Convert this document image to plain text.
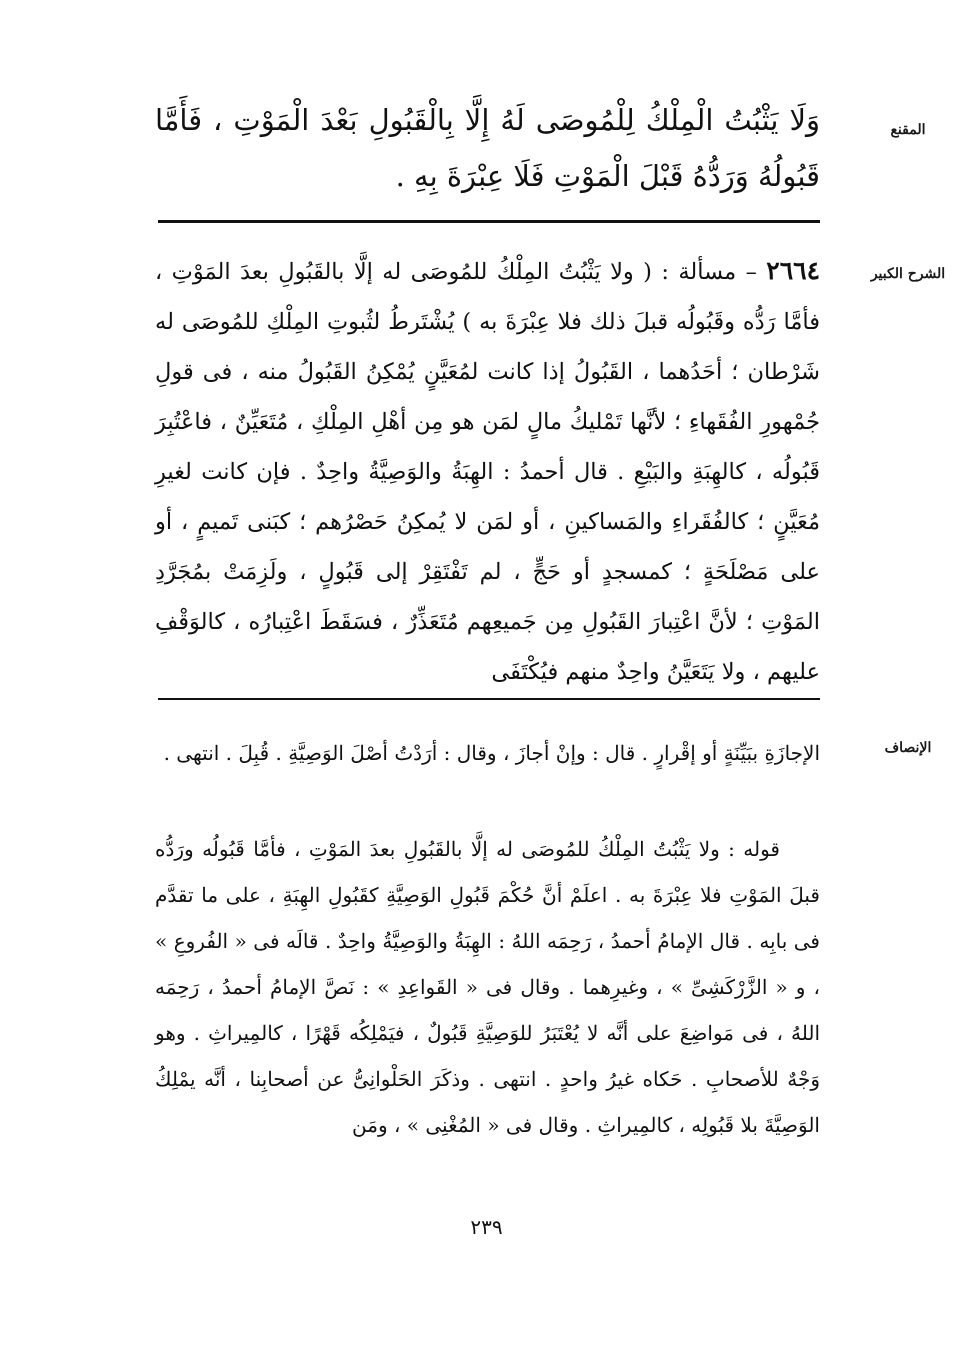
المقنع

وَلَا يَثْبُتُ الْمِلْكُ لِلْمُوصَى لَهُ إِلَّا بِالْقَبُولِ بَعْدَ الْمَوْتِ ، فَأَمَّا قَبُولُهُ وَرَدُّهُ قَبْلَ الْمَوْتِ فَلَا عِبْرَةَ بِهِ .

الشرح الكبير

٢٦٦٤ – مسألة : ( ولا يَثْبُتُ المِلْكُ للمُوصَى له إلَّا بالقَبُولِ بعدَ المَوْتِ ، فأمَّا رَدُّه وقَبُولُه قبلَ ذلك فلا عِبْرَةَ به ) يُشْتَرطُ لثُبوتِ المِلْكِ للمُوصَى له شَرْطان ؛ أحَدُهما ، القَبُولُ إذا كانت لمُعَيَّنٍ يُمْكِنُ القَبُولُ منه ، فى قولِ جُمْهورِ الفُقَهاءِ ؛ لأنَّها تَمْليكُ مالٍ لمَن هو مِن أهْلِ المِلْكِ ، مُتَعَيِّنٌ ، فاعْتُبِرَ قَبُولُه ، كالهِبَةِ والبَيْعِ . قال أحمدُ : الهِبَةُ والوَصِيَّةُ واحِدٌ . فإن كانت لغيرِ مُعَيَّنٍ ؛ كالفُقَراءِ والمَساكينِ ، أو لمَن لا يُمكِنُ حَصْرُهم ؛ كبَنى تَميمٍ ، أو على مَصْلَحَةٍ ؛ كمسجدٍ أو حَجٍّ ، لم تَفْتَقِرْ إلى قَبُولٍ ، ولَزِمَتْ بمُجَرَّدِ المَوْتِ ؛ لأنَّ اعْتِبارَ القَبُولِ مِن جَميعِهم مُتَعَذِّرٌ ، فسَقَطَ اعْتِبارُه ، كالوَقْفِ عليهم ، ولا يَتَعَيَّنُ واحِدٌ منهم فيُكْتَفَى

الإنصاف

الإجازَةِ ببَيِّنَةٍ أو إقْرارٍ . قال : وإنْ أجازَ ، وقال : أرَدْتُ أصْلَ الوَصِيَّةِ . قُبِلَ . انتهى .

قوله : ولا يَثْبُتُ المِلْكُ للمُوصَى له إلَّا بالقَبُولِ بعدَ المَوْتِ ، فأمَّا قَبُولُه ورَدُّه قبلَ المَوْتِ فلا عِبْرَةَ به . اعلَمْ أنَّ حُكْمَ قَبُولِ الوَصِيَّةِ كقَبُولِ الهِبَةِ ، على ما تقدَّم فى بابِه . قال الإمامُ أحمدُ ، رَحِمَه اللهُ : الهِبَةُ والوَصِيَّةُ واحِدٌ . قالَه فى « الفُروعِ » ، و « الزَّرْكَشِىِّ » ، وغيرِهما . وقال فى « القَواعِدِ » : نَصَّ الإمامُ أحمدُ ، رَحِمَه اللهُ ، فى مَواضِعَ على أنَّه لا يُعْتَبَرُ للوَصِيَّةِ قَبُولٌ ، فيَمْلِكُه قَهْرًا ، كالمِيراثِ . وهو وَجْهٌ للأصحابِ . حَكاه غيرُ واحدٍ . انتهى . وذكَرَ الحَلْوانِىُّ عن أصحابِنا ، أنَّه يمْلِكُ الوَصِيَّةَ بلا قَبُولِه ، كالمِيراثِ . وقال فى « المُغْنِى » ، ومَن

٢٣٩
